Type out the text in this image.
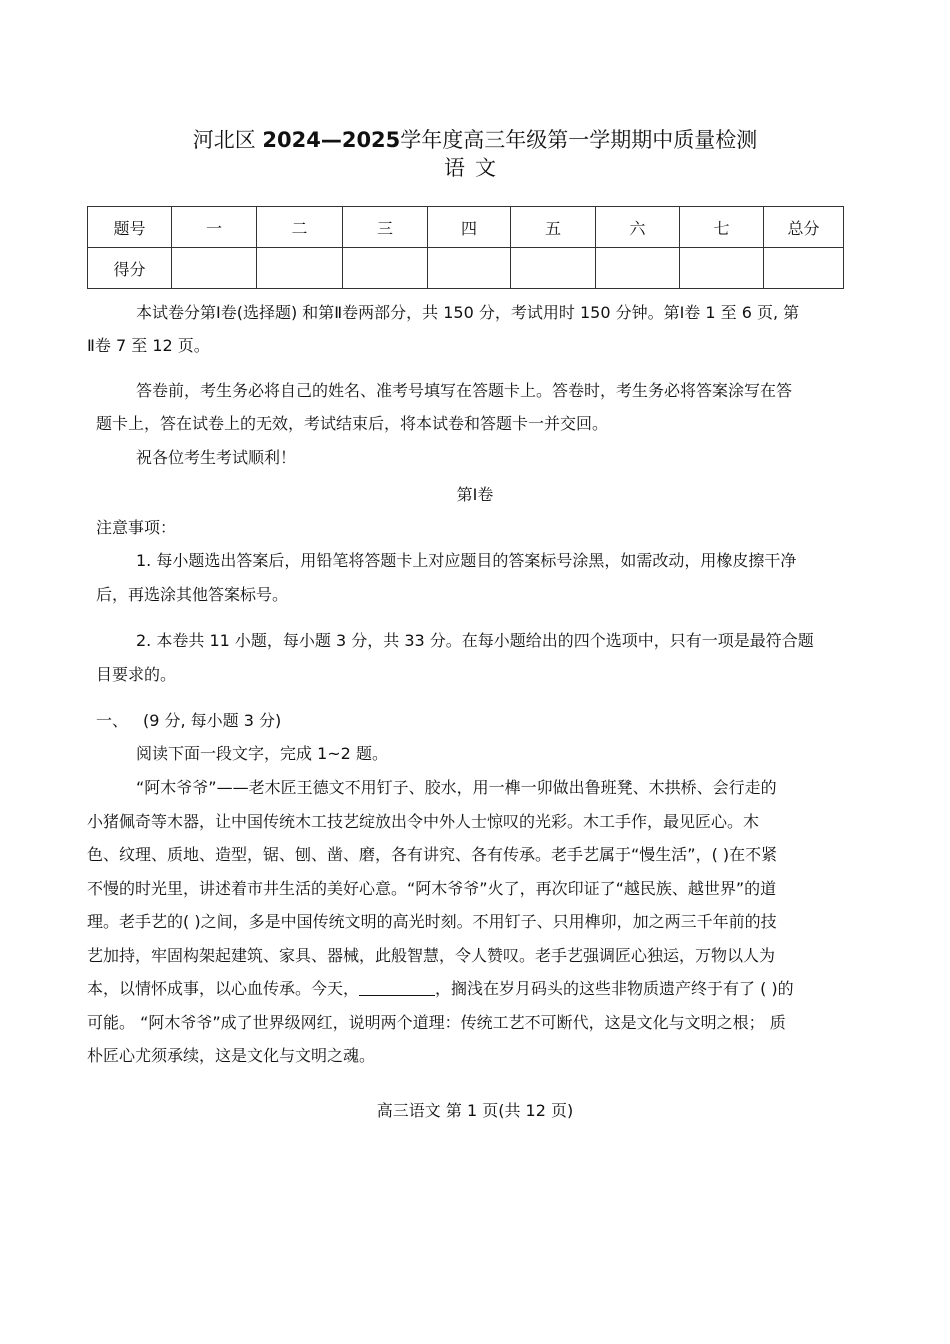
河北区 2024—2025学年度高三年级第一学期期中质量检测
语文
题号	一	二	三	四	五	六	七	总分
得分								
本试卷分第Ⅰ卷(选择题) 和第Ⅱ卷两部分，共 150 分，考试用时 150 分钟。第Ⅰ卷 1 至 6 页, 第
Ⅱ卷 7 至 12 页。
答卷前，考生务必将自己的姓名、准考号填写在答题卡上。答卷时，考生务必将答案涂写在答
题卡上，答在试卷上的无效，考试结束后，将本试卷和答题卡一并交回。
祝各位考生考试顺利！
第Ⅰ卷
注意事项：
1. 每小题选出答案后，用铅笔将答题卡上对应题目的答案标号涂黑，如需改动，用橡皮擦干净
后，再选涂其他答案标号。
2. 本卷共 11 小题，每小题 3 分，共 33 分。在每小题给出的四个选项中，只有一项是最符合题
目要求的。
一、 (9 分, 每小题 3 分)
阅读下面一段文字，完成 1~2 题。
“阿木爷爷”——老木匠王德文不用钉子、胶水，用一榫一卯做出鲁班凳、木拱桥、会行走的
小猪佩奇等木器，让中国传统木工技艺绽放出令中外人士惊叹的光彩。木工手作，最见匠心。木
色、纹理、质地、造型，锯、刨、凿、磨，各有讲究、各有传承。老手艺属于“慢生活”，( )在不紧
不慢的时光里，讲述着市井生活的美好心意。“阿木爷爷”火了，再次印证了“越民族、越世界”的道
理。老手艺的( )之间，多是中国传统文明的高光时刻。不用钉子、只用榫卯，加之两三千年前的技
艺加持，牢固构架起建筑、家具、器械，此般智慧，令人赞叹。老手艺强调匠心独运，万物以人为
本，以情怀成事，以心血传承。今天，	，搁浅在岁月码头的这些非物质遗产终于有了 ( )的
可能。 “阿木爷爷”成了世界级网红，说明两个道理：传统工艺不可断代，这是文化与文明之根； 质
朴匠心尤须承续，这是文化与文明之魂。
高三语文 第 1 页(共 12 页)
